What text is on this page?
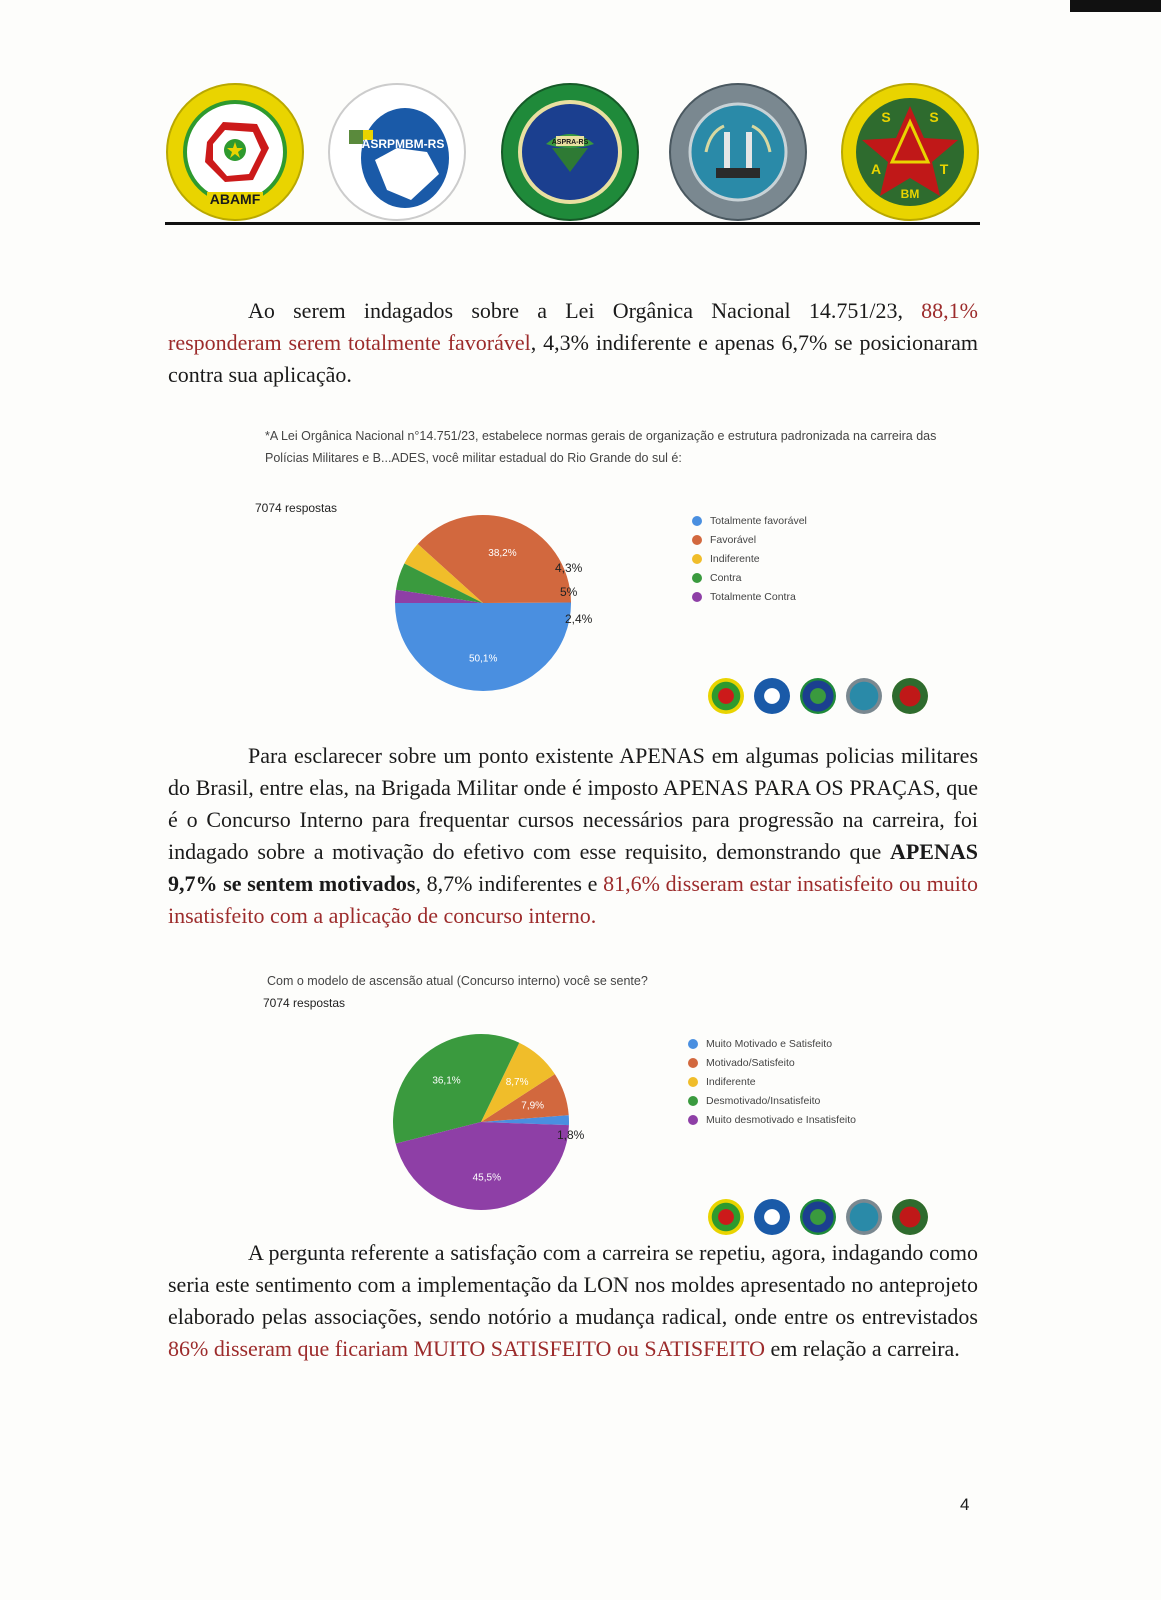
ABAMF
ASRPMBM-RS	ASPRA-RS
S	S
A	T
BM
Ao serem indagados sobre a Lei Orgânica Nacional 14.751/23, 88,1% responderam serem totalmente favorável, 4,3% indiferente e apenas 6,7% se posicionaram contra sua aplicação.
*A Lei Orgânica Nacional n°14.751/23, estabelece normas gerais de organização e estrutura padronizada na carreira das Polícias Militares e B...ADES, você militar estadual do Rio Grande do sul é:
7074 respostas
50,1%
38,2%
4,3%
5%
2,4%
Totalmente favorável
Favorável
Indiferente
Contra
Totalmente Contra
Para esclarecer sobre um ponto existente APENAS em algumas policias militares do Brasil, entre elas, na Brigada Militar onde é imposto APENAS PARA OS PRAÇAS, que é o Concurso Interno para frequentar cursos necessários para progressão na carreira, foi indagado sobre a motivação do efetivo com esse requisito, demonstrando que APENAS 9,7% se sentem motivados, 8,7% indiferentes e 81,6% disseram estar insatisfeito ou muito insatisfeito com a aplicação de concurso interno.
Com o modelo de ascensão atual (Concurso interno) você se sente?
7074 respostas
7,9%
8,7%
36,1%
45,5%
1,8%
Muito Motivado e Satisfeito
Motivado/Satisfeito
Indiferente
Desmotivado/Insatisfeito
Muito desmotivado e Insatisfeito
A pergunta referente a satisfação com a carreira se repetiu, agora, indagando como seria este sentimento com a implementação da LON nos moldes apresentado no anteprojeto elaborado pelas associações, sendo notório a mudança radical, onde entre os entrevistados 86% disseram que ficariam MUITO SATISFEITO ou SATISFEITO em relação a carreira.
4
